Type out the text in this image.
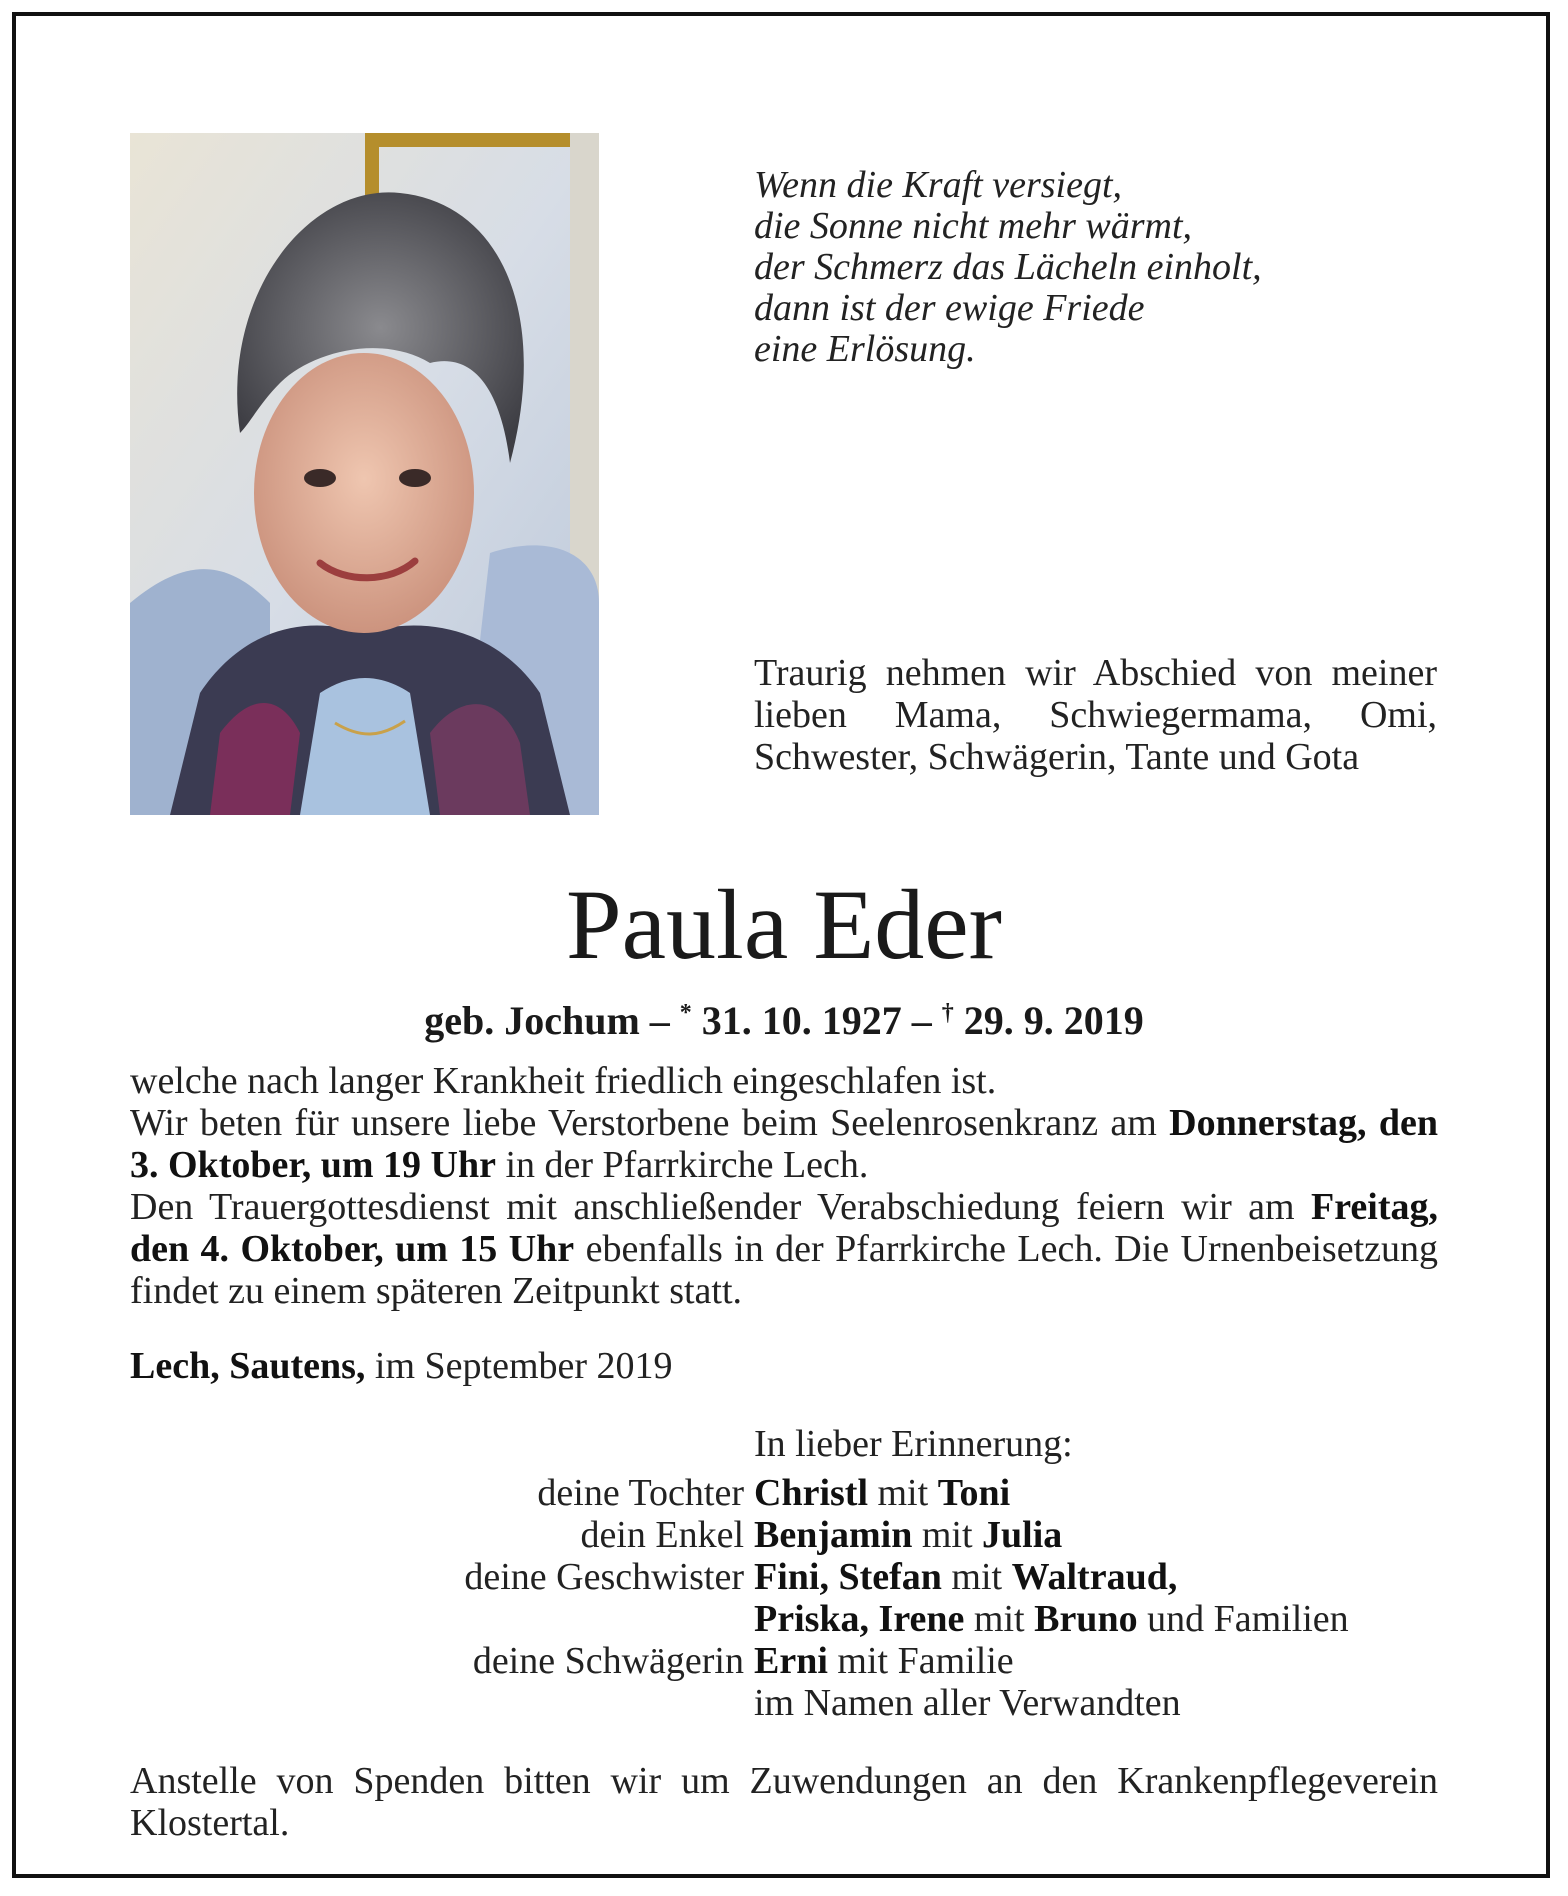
Wenn die Kraft versiegt,
die Sonne nicht mehr wärmt,
der Schmerz das Lächeln einholt,
dann ist der ewige Friede
eine Erlösung.
Traurig nehmen wir Abschied von meiner lieben Mama, Schwiegermama, Omi, Schwester, Schwägerin, Tante und Gota
Paula Eder
geb. Jochum – * 31. 10. 1927 – † 29. 9. 2019

welche nach langer Krankheit friedlich eingeschlafen ist.

Wir beten für unsere liebe Verstorbene beim Seelenrosenkranz am Donnerstag, den 3. Oktober, um 19 Uhr in der Pfarrkirche Lech.

Den Trauergottesdienst mit anschließender Verabschiedung feiern wir am Freitag, den 4. Oktober, um 15 Uhr ebenfalls in der Pfarrkirche Lech. Die Urnenbeisetzung findet zu einem späteren Zeitpunkt statt.

Lech, Sautens, im September 2019
In lieber Erinnerung:
deine Tochter Christl mit Toni
dein Enkel Benjamin mit Julia
deine Geschwister Fini, Stefan mit Waltraud,
Priska, Irene mit Bruno und Familien
deine Schwägerin Erni mit Familie
im Namen aller Verwandten
Anstelle von Spenden bitten wir um Zuwendungen an den Krankenpflegeverein Klostertal.
